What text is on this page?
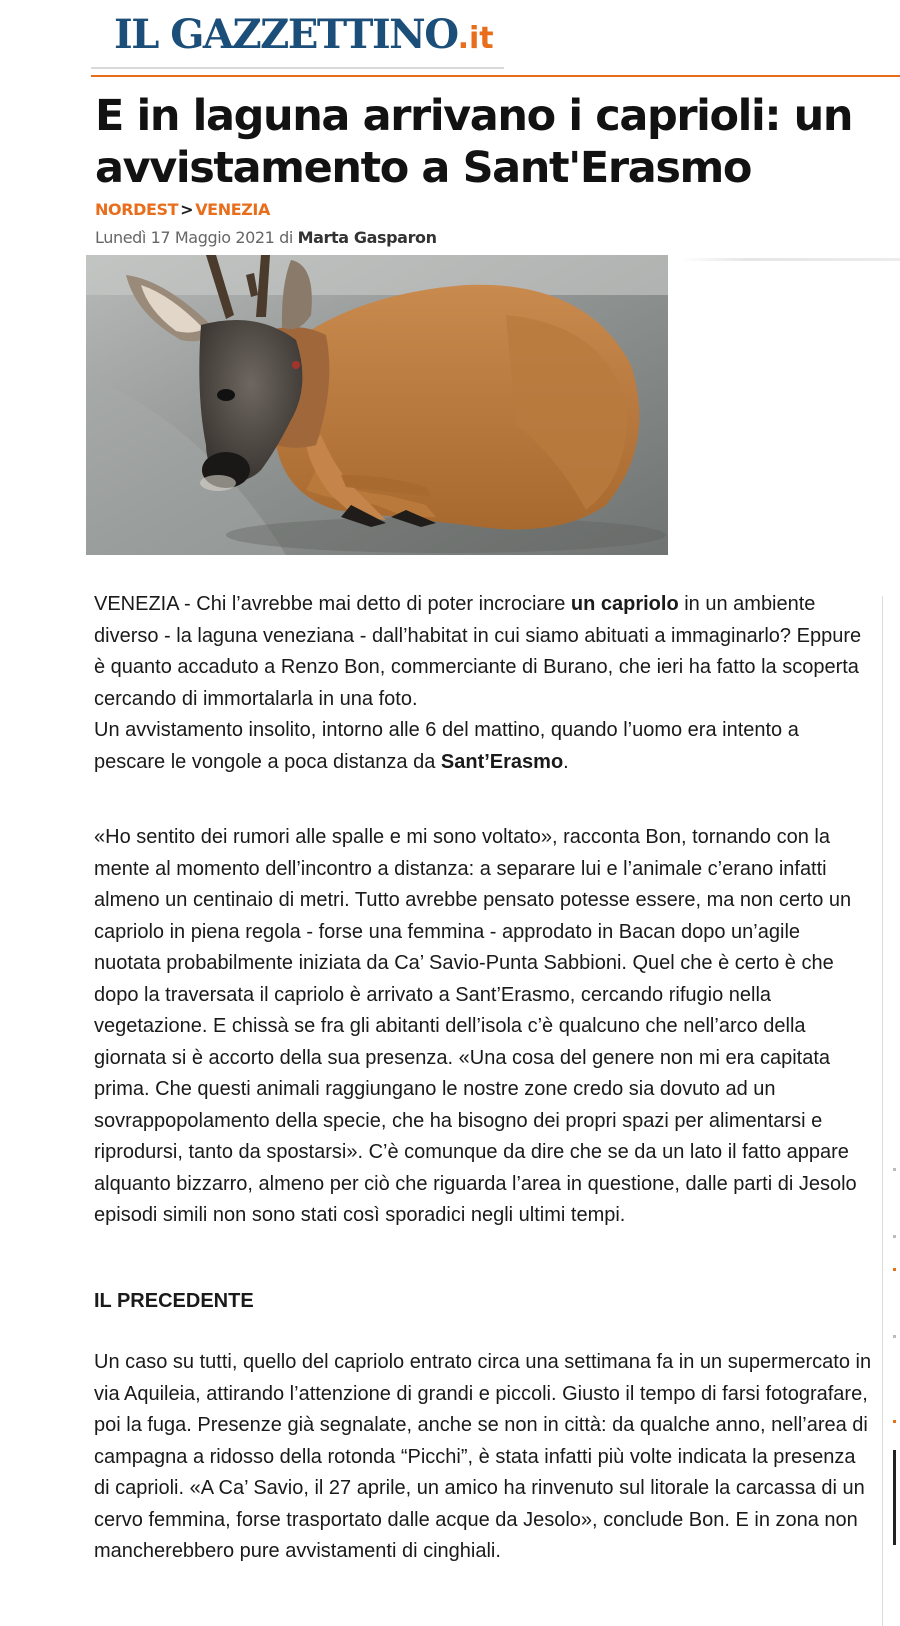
IL GAZZETTINO.it
E in laguna arrivano i caprioli: un avvistamento a Sant'Erasmo
NORDEST > VENEZIA
Lunedì 17 Maggio 2021 di Marta Gasparon

VENEZIA - Chi l’avrebbe mai detto di poter incrociare un capriolo in un ambiente diverso - la laguna veneziana - dall’habitat in cui siamo abituati a immaginarlo? Eppure è quanto accaduto a Renzo Bon, commerciante di Burano, che ieri ha fatto la scoperta cercando di immortalarla in una foto.
Un avvistamento insolito, intorno alle 6 del mattino, quando l’uomo era intento a pescare le vongole a poca distanza da Sant’Erasmo.

«Ho sentito dei rumori alle spalle e mi sono voltato», racconta Bon, tornando con la mente al momento dell’incontro a distanza: a separare lui e l’animale c’erano infatti almeno un centinaio di metri. Tutto avrebbe pensato potesse essere, ma non certo un capriolo in piena regola - forse una femmina - approdato in Bacan dopo un’agile nuotata probabilmente iniziata da Ca’ Savio-Punta Sabbioni. Quel che è certo è che dopo la traversata il capriolo è arrivato a Sant’Erasmo, cercando rifugio nella vegetazione. E chissà se fra gli abitanti dell’isola c’è qualcuno che nell’arco della giornata si è accorto della sua presenza. «Una cosa del genere non mi era capitata prima. Che questi animali raggiungano le nostre zone credo sia dovuto ad un sovrappopolamento della specie, che ha bisogno dei propri spazi per alimentarsi e riprodursi, tanto da spostarsi». C’è comunque da dire che se da un lato il fatto appare alquanto bizzarro, almeno per ciò che riguarda l’area in questione, dalle parti di Jesolo episodi simili non sono stati così sporadici negli ultimi tempi.

IL PRECEDENTE

Un caso su tutti, quello del capriolo entrato circa una settimana fa in un supermercato in via Aquileia, attirando l’attenzione di grandi e piccoli. Giusto il tempo di farsi fotografare, poi la fuga. Presenze già segnalate, anche se non in città: da qualche anno, nell’area di campagna a ridosso della rotonda “Picchi”, è stata infatti più volte indicata la presenza di caprioli. «A Ca’ Savio, il 27 aprile, un amico ha rinvenuto sul litorale la carcassa di un cervo femmina, forse trasportato dalle acque da Jesolo», conclude Bon. E in zona non mancherebbero pure avvistamenti di cinghiali.
